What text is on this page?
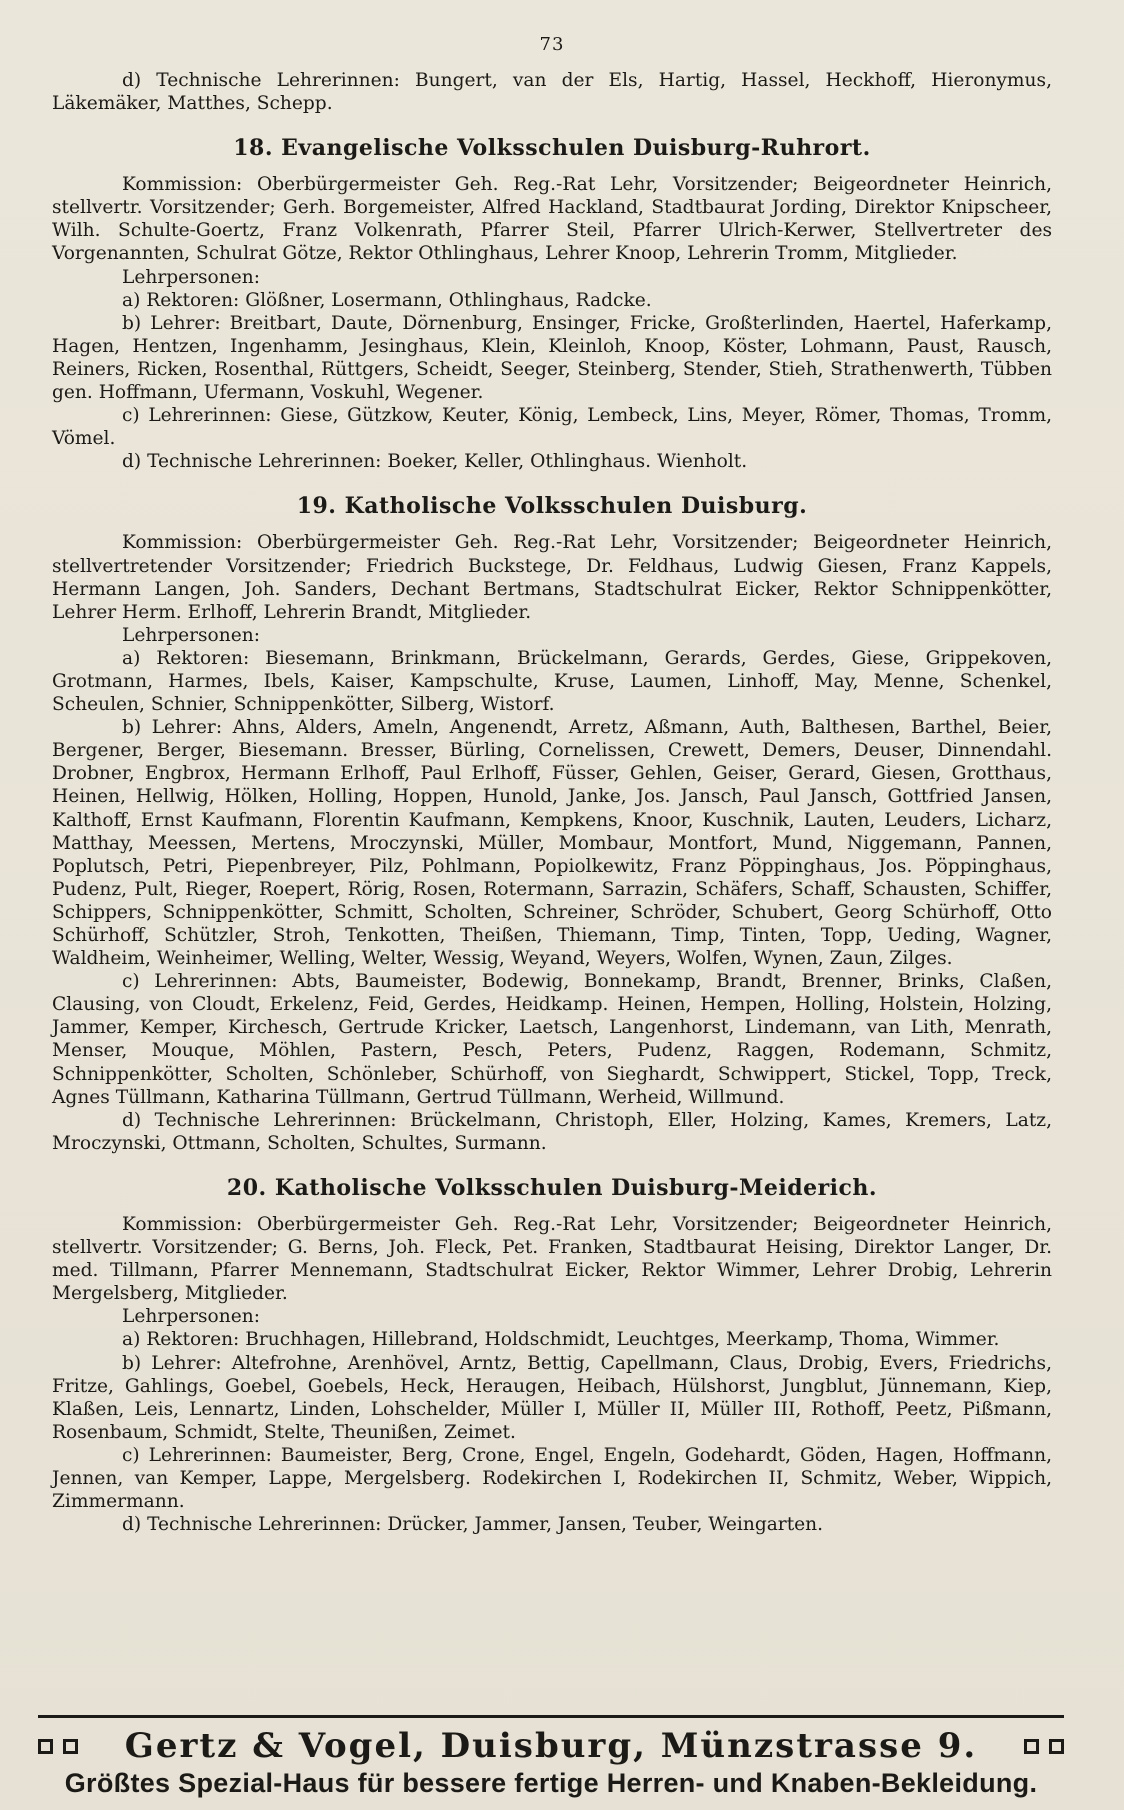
73

d) Technische Lehrerinnen: Bungert, van der Els, Hartig, Hassel, Heckhoff, Hieronymus, Läkemäker, Matthes, Schepp.

18. Evangelische Volksschulen Duisburg-Ruhrort.

Kommission: Oberbürgermeister Geh. Reg.-Rat Lehr, Vorsitzender; Beigeordneter Heinrich, stellvertr. Vorsitzender; Gerh. Borgemeister, Alfred Hackland, Stadtbaurat Jording, Direktor Knipscheer, Wilh. Schulte-Goertz, Franz Volkenrath, Pfarrer Steil, Pfarrer Ulrich-Kerwer, Stellvertreter des Vorgenannten, Schulrat Götze, Rektor Othlinghaus, Lehrer Knoop, Lehrerin Tromm, Mitglieder.

Lehrpersonen:

a) Rektoren: Glößner, Losermann, Othlinghaus, Radcke.

b) Lehrer: Breitbart, Daute, Dörnenburg, Ensinger, Fricke, Großterlinden, Haertel, Haferkamp, Hagen, Hentzen, Ingenhamm, Jesinghaus, Klein, Kleinloh, Knoop, Köster, Lohmann, Paust, Rausch, Reiners, Ricken, Rosenthal, Rüttgers, Scheidt, Seeger, Steinberg, Stender, Stieh, Strathenwerth, Tübben gen. Hoffmann, Ufermann, Voskuhl, Wegener.

c) Lehrerinnen: Giese, Gützkow, Keuter, König, Lembeck, Lins, Meyer, Römer, Thomas, Tromm, Vömel.

d) Technische Lehrerinnen: Boeker, Keller, Othlinghaus. Wienholt.

19. Katholische Volksschulen Duisburg.

Kommission: Oberbürgermeister Geh. Reg.-Rat Lehr, Vorsitzender; Beigeordneter Heinrich, stellvertretender Vorsitzender; Friedrich Buckstege, Dr. Feldhaus, Ludwig Giesen, Franz Kappels, Hermann Langen, Joh. Sanders, Dechant Bertmans, Stadtschulrat Eicker, Rektor Schnippenkötter, Lehrer Herm. Erlhoff, Lehrerin Brandt, Mitglieder.

Lehrpersonen:

a) Rektoren: Biesemann, Brinkmann, Brückelmann, Gerards, Gerdes, Giese, Grippekoven, Grotmann, Harmes, Ibels, Kaiser, Kampschulte, Kruse, Laumen, Linhoff, May, Menne, Schenkel, Scheulen, Schnier, Schnippenkötter, Silberg, Wistorf.

b) Lehrer: Ahns, Alders, Ameln, Angenendt, Arretz, Aßmann, Auth, Balthesen, Barthel, Beier, Bergener, Berger, Biesemann. Bresser, Bürling, Cornelissen, Crewett, Demers, Deuser, Dinnendahl. Drobner, Engbrox, Hermann Erlhoff, Paul Erlhoff, Füsser, Gehlen, Geiser, Gerard, Giesen, Grotthaus, Heinen, Hellwig, Hölken, Holling, Hoppen, Hunold, Janke, Jos. Jansch, Paul Jansch, Gottfried Jansen, Kalthoff, Ernst Kaufmann, Florentin Kaufmann, Kempkens, Knoor, Kuschnik, Lauten, Leuders, Licharz, Matthay, Meessen, Mertens, Mroczynski, Müller, Mombaur, Montfort, Mund, Niggemann, Pannen, Poplutsch, Petri, Piepenbreyer, Pilz, Pohlmann, Popiolkewitz, Franz Pöppinghaus, Jos. Pöppinghaus, Pudenz, Pult, Rieger, Roepert, Rörig, Rosen, Rotermann, Sarrazin, Schäfers, Schaff, Schausten, Schiffer, Schippers, Schnippenkötter, Schmitt, Scholten, Schreiner, Schröder, Schubert, Georg Schürhoff, Otto Schürhoff, Schützler, Stroh, Tenkotten, Theißen, Thiemann, Timp, Tinten, Topp, Ueding, Wagner, Waldheim, Weinheimer, Welling, Welter, Wessig, Weyand, Weyers, Wolfen, Wynen, Zaun, Zilges.

c) Lehrerinnen: Abts, Baumeister, Bodewig, Bonnekamp, Brandt, Brenner, Brinks, Claßen, Clausing, von Cloudt, Erkelenz, Feid, Gerdes, Heidkamp. Heinen, Hempen, Holling, Holstein, Holzing, Jammer, Kemper, Kirchesch, Gertrude Kricker, Laetsch, Langenhorst, Lindemann, van Lith, Menrath, Menser, Mouque, Möhlen, Pastern, Pesch, Peters, Pudenz, Raggen, Rodemann, Schmitz, Schnippenkötter, Scholten, Schönleber, Schürhoff, von Sieghardt, Schwippert, Stickel, Topp, Treck, Agnes Tüllmann, Katharina Tüllmann, Gertrud Tüllmann, Werheid, Willmund.

d) Technische Lehrerinnen: Brückelmann, Christoph, Eller, Holzing, Kames, Kremers, Latz, Mroczynski, Ottmann, Scholten, Schultes, Surmann.

20. Katholische Volksschulen Duisburg-Meiderich.

Kommission: Oberbürgermeister Geh. Reg.-Rat Lehr, Vorsitzender; Beigeordneter Heinrich, stellvertr. Vorsitzender; G. Berns, Joh. Fleck, Pet. Franken, Stadtbaurat Heising, Direktor Langer, Dr. med. Tillmann, Pfarrer Mennemann, Stadtschulrat Eicker, Rektor Wimmer, Lehrer Drobig, Lehrerin Mergelsberg, Mitglieder.

Lehrpersonen:

a) Rektoren: Bruchhagen, Hillebrand, Holdschmidt, Leuchtges, Meerkamp, Thoma, Wimmer.

b) Lehrer: Altefrohne, Arenhövel, Arntz, Bettig, Capellmann, Claus, Drobig, Evers, Friedrichs, Fritze, Gahlings, Goebel, Goebels, Heck, Heraugen, Heibach, Hülshorst, Jungblut, Jünnemann, Kiep, Klaßen, Leis, Lennartz, Linden, Lohschelder, Müller I, Müller II, Müller III, Rothoff, Peetz, Pißmann, Rosenbaum, Schmidt, Stelte, Theunißen, Zeimet.

c) Lehrerinnen: Baumeister, Berg, Crone, Engel, Engeln, Godehardt, Göden, Hagen, Hoffmann, Jennen, van Kemper, Lappe, Mergelsberg. Rodekirchen I, Rodekirchen II, Schmitz, Weber, Wippich, Zimmermann.

d) Technische Lehrerinnen: Drücker, Jammer, Jansen, Teuber, Weingarten.

Gertz & Vogel, Duisburg, Münzstrasse 9.
Größtes Spezial-Haus für bessere fertige Herren- und Knaben-Bekleidung.
